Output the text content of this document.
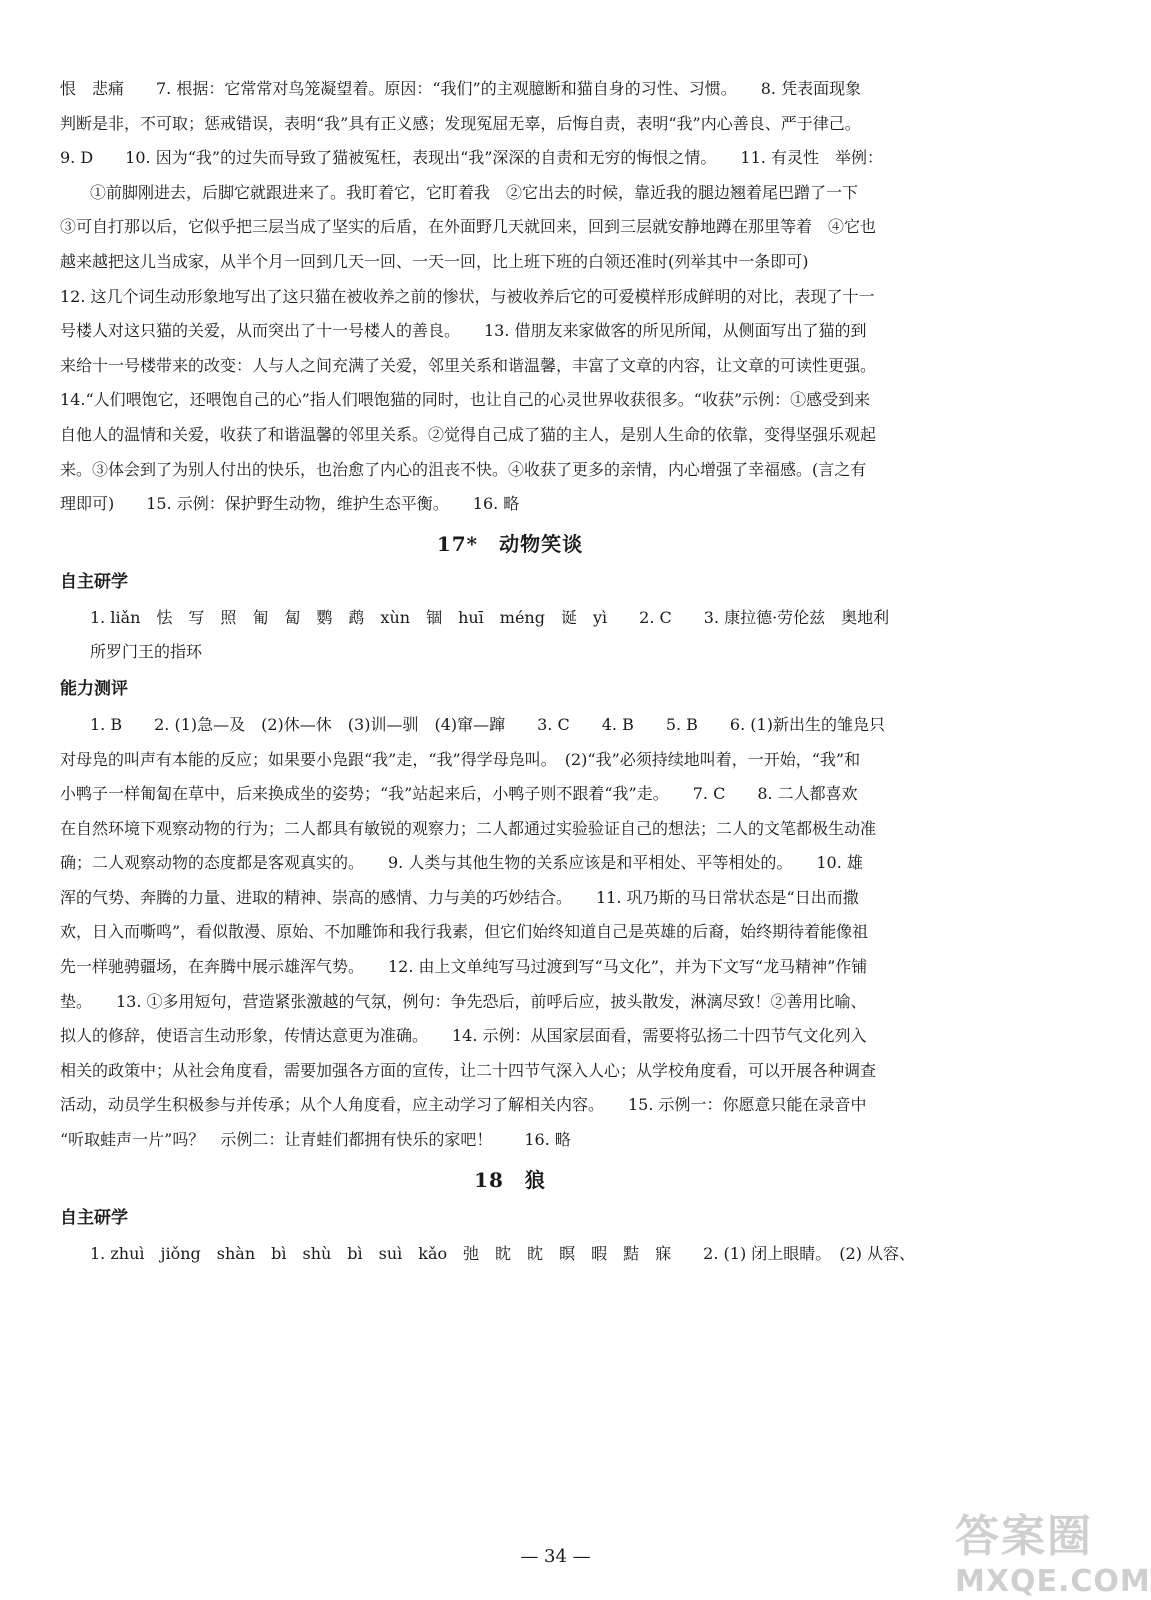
恨　悲痛　　7. 根据：它常常对鸟笼凝望着。原因：“我们”的主观臆断和猫自身的习性、习惯。　　8. 凭表面现象

判断是非，不可取；惩戒错误，表明“我”具有正义感；发现冤屈无辜，后悔自责，表明“我”内心善良、严于律己。

9. D　　10. 因为“我”的过失而导致了猫被冤枉，表现出“我”深深的自责和无穷的悔恨之情。　　11. 有灵性　举例：

①前脚刚进去，后脚它就跟进来了。我盯着它，它盯着我　②它出去的时候，靠近我的腿边翘着尾巴蹭了一下

③可自打那以后，它似乎把三层当成了坚实的后盾，在外面野几天就回来，回到三层就安静地蹲在那里等着　④它也

越来越把这儿当成家，从半个月一回到几天一回、一天一回，比上班下班的白领还准时(列举其中一条即可)

12. 这几个词生动形象地写出了这只猫在被收养之前的惨状，与被收养后它的可爱模样形成鲜明的对比，表现了十一

号楼人对这只猫的关爱，从而突出了十一号楼人的善良。　　13. 借朋友来家做客的所见所闻，从侧面写出了猫的到

来给十一号楼带来的改变：人与人之间充满了关爱，邻里关系和谐温馨，丰富了文章的内容，让文章的可读性更强。

14.“人们喂饱它，还喂饱自己的心”指人们喂饱猫的同时，也让自己的心灵世界收获很多。“收获”示例：①感受到来

自他人的温情和关爱，收获了和谐温馨的邻里关系。②觉得自己成了猫的主人，是别人生命的依靠，变得坚强乐观起

来。③体会到了为别人付出的快乐，也治愈了内心的沮丧不快。④收获了更多的亲情，内心增强了幸福感。(言之有

理即可)　　15. 示例：保护野生动物，维护生态平衡。　　16. 略

17*　动物笑谈

自主研学

1. liǎn　怯　写　照　匍　匐　鹦　鹉　xùn　锢　huī　méng　诞　yì　　2. C　　3. 康拉德·劳伦兹　奥地利

所罗门王的指环

能力测评

1. B　　2. (1)急—及　(2)休—休　(3)训—驯　(4)窜—蹿　　3. C　　4. B　　5. B　　6. (1)新出生的雏凫只

对母凫的叫声有本能的反应；如果要小凫跟“我”走，“我”得学母凫叫。　(2)“我”必须持续地叫着，一开始，“我”和

小鸭子一样匍匐在草中，后来换成坐的姿势；“我”站起来后，小鸭子则不跟着“我”走。　　7. C　　8. 二人都喜欢

在自然环境下观察动物的行为；二人都具有敏锐的观察力；二人都通过实验验证自己的想法；二人的文笔都极生动准

确；二人观察动物的态度都是客观真实的。　　9. 人类与其他生物的关系应该是和平相处、平等相处的。　　10. 雄

浑的气势、奔腾的力量、进取的精神、崇高的感情、力与美的巧妙结合。　　11. 巩乃斯的马日常状态是“日出而撒

欢，日入而嘶鸣”，看似散漫、原始、不加雕饰和我行我素，但它们始终知道自己是英雄的后裔，始终期待着能像祖

先一样驰骋疆场，在奔腾中展示雄浑气势。　　12. 由上文单纯写马过渡到写“马文化”，并为下文写“龙马精神”作铺

垫。　　13. ①多用短句，营造紧张激越的气氛，例句：争先恐后，前呼后应，披头散发，淋漓尽致！②善用比喻、

拟人的修辞，使语言生动形象，传情达意更为准确。　　14. 示例：从国家层面看，需要将弘扬二十四节气文化列入

相关的政策中；从社会角度看，需要加强各方面的宣传，让二十四节气深入人心；从学校角度看，可以开展各种调查

活动，动员学生积极参与并传承；从个人角度看，应主动学习了解相关内容。　　15. 示例一：你愿意只能在录音中

“听取蛙声一片”吗？　示例二：让青蛙们都拥有快乐的家吧！　　16. 略

18　狼

自主研学

1. zhuì　jiǒng　shàn　bì　shù　bì　suì　kǎo　弛　眈　眈　瞑　暇　黠　寐　　2. (1) 闭上眼睛。　(2) 从容、

— 34 —	答案圈
MXQE.COM
